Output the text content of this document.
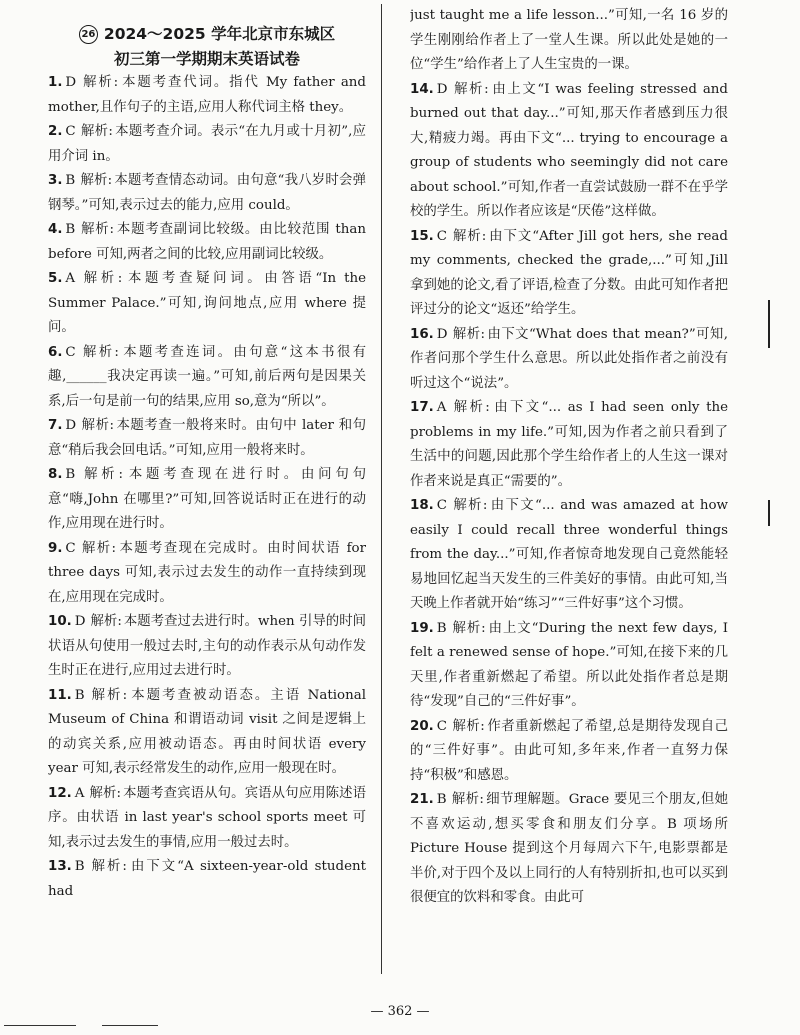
26 2024～2025 学年北京市东城区
初三第一学期期末英语试卷

1. D 解析: 本题考查代词。指代 My father and mother,且作句子的主语,应用人称代词主格 they。

2. C 解析: 本题考查介词。表示“在九月或十月初”,应用介词 in。

3. B 解析: 本题考查情态动词。由句意“我八岁时会弹钢琴。”可知,表示过去的能力,应用 could。

4. B 解析: 本题考查副词比较级。由比较范围 than before 可知,两者之间的比较,应用副词比较级。

5. A 解析: 本题考查疑问词。由答语“In the Summer Palace.”可知,询问地点,应用 where 提问。

6. C 解析: 本题考查连词。由句意“这本书很有趣,______我决定再读一遍。”可知,前后两句是因果关系,后一句是前一句的结果,应用 so,意为“所以”。

7. D 解析: 本题考查一般将来时。由句中 later 和句意“稍后我会回电话。”可知,应用一般将来时。

8. B 解析: 本题考查现在进行时。由问句句意“嗨,John 在哪里?”可知,回答说话时正在进行的动作,应用现在进行时。

9. C 解析: 本题考查现在完成时。由时间状语 for three days 可知,表示过去发生的动作一直持续到现在,应用现在完成时。

10. D 解析: 本题考查过去进行时。when 引导的时间状语从句使用一般过去时,主句的动作表示从句动作发生时正在进行,应用过去进行时。

11. B 解析: 本题考查被动语态。主语 National Museum of China 和谓语动词 visit 之间是逻辑上的动宾关系,应用被动语态。再由时间状语 every year 可知,表示经常发生的动作,应用一般现在时。

12. A 解析: 本题考查宾语从句。宾语从句应用陈述语序。由状语 in last year's school sports meet 可知,表示过去发生的事情,应用一般过去时。

13. B 解析: 由下文“A sixteen-year-old student had

just taught me a life lesson...”可知,一名 16 岁的学生刚刚给作者上了一堂人生课。所以此处是她的一位“学生”给作者上了人生宝贵的一课。

14. D 解析: 由上文“I was feeling stressed and burned out that day...”可知,那天作者感到压力很大,精疲力竭。再由下文“... trying to encourage a group of students who seemingly did not care about school.”可知,作者一直尝试鼓励一群不在乎学校的学生。所以作者应该是“厌倦”这样做。

15. C 解析: 由下文“After Jill got hers, she read my comments, checked the grade,...”可知,Jill 拿到她的论文,看了评语,检查了分数。由此可知作者把评过分的论文“返还”给学生。

16. D 解析: 由下文“What does that mean?”可知,作者问那个学生什么意思。所以此处指作者之前没有听过这个“说法”。

17. A 解析: 由下文“... as I had seen only the problems in my life.”可知,因为作者之前只看到了生活中的问题,因此那个学生给作者上的人生这一课对作者来说是真正“需要的”。

18. C 解析: 由下文“... and was amazed at how easily I could recall three wonderful things from the day...”可知,作者惊奇地发现自己竟然能轻易地回忆起当天发生的三件美好的事情。由此可知,当天晚上作者就开始“练习”“三件好事”这个习惯。

19. B 解析: 由上文“During the next few days, I felt a renewed sense of hope.”可知,在接下来的几天里,作者重新燃起了希望。所以此处指作者总是期待“发现”自己的“三件好事”。

20. C 解析: 作者重新燃起了希望,总是期待发现自己的“三件好事”。由此可知,多年来,作者一直努力保持“积极”和感恩。

21. B 解析: 细节理解题。Grace 要见三个朋友,但她不喜欢运动,想买零食和朋友们分享。B 项场所 Picture House 提到这个月每周六下午,电影票都是半价,对于四个及以上同行的人有特别折扣,也可以买到很便宜的饮料和零食。由此可

— 362 —
